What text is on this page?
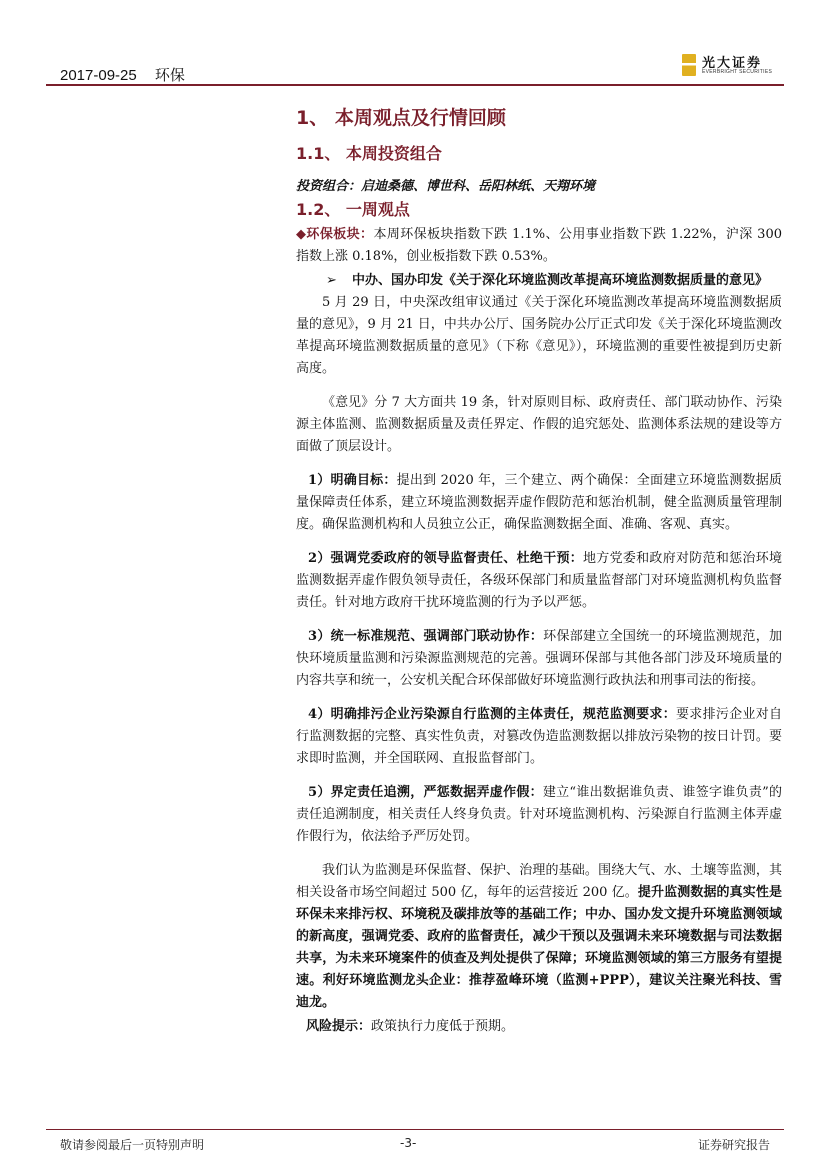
2017-09-25 环保
光大证券
EVERBRIGHT SECURITIES
1、 本周观点及行情回顾
1.1、 本周投资组合
投资组合：启迪桑德、博世科、岳阳林纸、天翔环境
1.2、 一周观点

◆环保板块：本周环保板块指数下跌 1.1%、公用事业指数下跌 1.22%，沪深 300 指数上涨 0.18%，创业板指数下跌 0.53%。

➢	中办、国办印发《关于深化环境监测改革提高环境监测数据质量的意见》

5 月 29 日，中央深改组审议通过《关于深化环境监测改革提高环境监测数据质量的意见》，9 月 21 日，中共办公厅、国务院办公厅正式印发《关于深化环境监测改革提高环境监测数据质量的意见》（下称《意见》），环境监测的重要性被提到历史新高度。

《意见》分 7 大方面共 19 条，针对原则目标、政府责任、部门联动协作、污染源主体监测、监测数据质量及责任界定、作假的追究惩处、监测体系法规的建设等方面做了顶层设计。

1）明确目标：提出到 2020 年，三个建立、两个确保：全面建立环境监测数据质量保障责任体系，建立环境监测数据弄虚作假防范和惩治机制，健全监测质量管理制度。确保监测机构和人员独立公正，确保监测数据全面、准确、客观、真实。

2）强调党委政府的领导监督责任、杜绝干预：地方党委和政府对防范和惩治环境监测数据弄虚作假负领导责任，各级环保部门和质量监督部门对环境监测机构负监督责任。针对地方政府干扰环境监测的行为予以严惩。

3）统一标准规范、强调部门联动协作：环保部建立全国统一的环境监测规范，加快环境质量监测和污染源监测规范的完善。强调环保部与其他各部门涉及环境质量的内容共享和统一，公安机关配合环保部做好环境监测行政执法和刑事司法的衔接。

4）明确排污企业污染源自行监测的主体责任，规范监测要求：要求排污企业对自行监测数据的完整、真实性负责，对篡改伪造监测数据以排放污染物的按日计罚。要求即时监测，并全国联网、直报监督部门。

5）界定责任追溯，严惩数据弄虚作假：建立“谁出数据谁负责、谁签字谁负责”的责任追溯制度，相关责任人终身负责。针对环境监测机构、污染源自行监测主体弄虚作假行为，依法给予严厉处罚。

我们认为监测是环保监督、保护、治理的基础。围绕大气、水、土壤等监测，其相关设备市场空间超过 500 亿，每年的运营接近 200 亿。提升监测数据的真实性是环保未来排污权、环境税及碳排放等的基础工作；中办、国办发文提升环境监测领域的新高度，强调党委、政府的监督责任，减少干预以及强调未来环境数据与司法数据共享，为未来环境案件的侦查及判处提供了保障；环境监测领域的第三方服务有望提速。利好环境监测龙头企业：推荐盈峰环境（监测+PPP），建议关注聚光科技、雪迪龙。

风险提示：政策执行力度低于预期。
敬请参阅最后一页特别声明	-3-	证券研究报告
